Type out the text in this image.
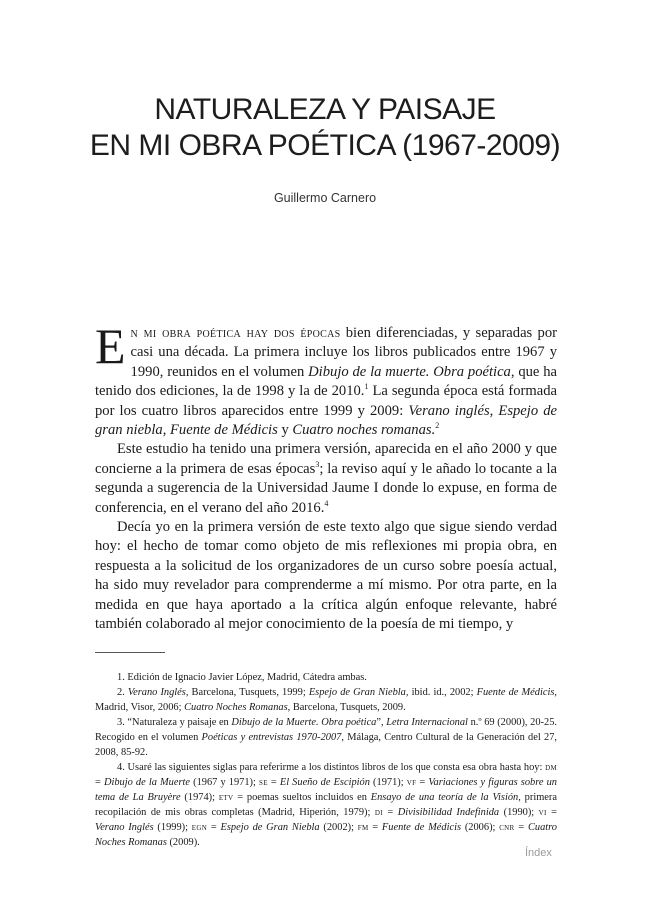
NATURALEZA Y PAISAJE
EN MI OBRA POÉTICA (1967-2009)
Guillermo Carnero

En mi obra poética hay dos épocas bien diferenciadas, y separadas por casi una década. La primera incluye los libros publicados entre 1967 y 1990, reunidos en el volumen Dibujo de la muerte. Obra poética, que ha tenido dos ediciones, la de 1998 y la de 2010.$^1$ La segunda época está formada por los cuatro libros aparecidos entre 1999 y 2009: Verano inglés, Espejo de gran niebla, Fuente de Médicis y Cuatro noches romanas.$^2$

Este estudio ha tenido una primera versión, aparecida en el año 2000 y que concierne a la primera de esas épocas$^3$; la reviso aquí y le añado lo tocante a la segunda a sugerencia de la Universidad Jaume I donde lo expuse, en forma de conferencia, en el verano del año 2016.$^4$

Decía yo en la primera versión de este texto algo que sigue siendo verdad hoy: el hecho de tomar como objeto de mis reflexiones mi propia obra, en respuesta a la solicitud de los organizadores de un curso sobre poesía actual, ha sido muy revelador para comprenderme a mí mismo. Por otra parte, en la medida en que haya aportado a la crítica algún enfoque relevante, habré también colaborado al mejor conocimiento de la poesía de mi tiempo, y

1. Edición de Ignacio Javier López, Madrid, Cátedra ambas.

2. Verano Inglés, Barcelona, Tusquets, 1999; Espejo de Gran Niebla, ibid. id., 2002; Fuente de Médicis, Madrid, Visor, 2006; Cuatro Noches Romanas, Barcelona, Tusquets, 2009.

3. “Naturaleza y paisaje en Dibujo de la Muerte. Obra poética”, Letra Internacional n.º 69 (2000), 20-25. Recogido en el volumen Poéticas y entrevistas 1970-2007, Málaga, Centro Cultural de la Generación del 27, 2008, 85-92.

4. Usaré las siguientes siglas para referirme a los distintos libros de los que consta esa obra hasta hoy: dm = Dibujo de la Muerte (1967 y 1971); se = El Sueño de Escipión (1971); vf = Variaciones y figuras sobre un tema de La Bruyère (1974); etv = poemas sueltos incluidos en Ensayo de una teoría de la Visión, primera recopilación de mis obras completas (Madrid, Hiperión, 1979); di = Divisibilidad Indefinida (1990); vi = Verano Inglés (1999); egn = Espejo de Gran Niebla (2002); fm = Fuente de Médicis (2006); cnr = Cuatro Noches Romanas (2009).

Índex
